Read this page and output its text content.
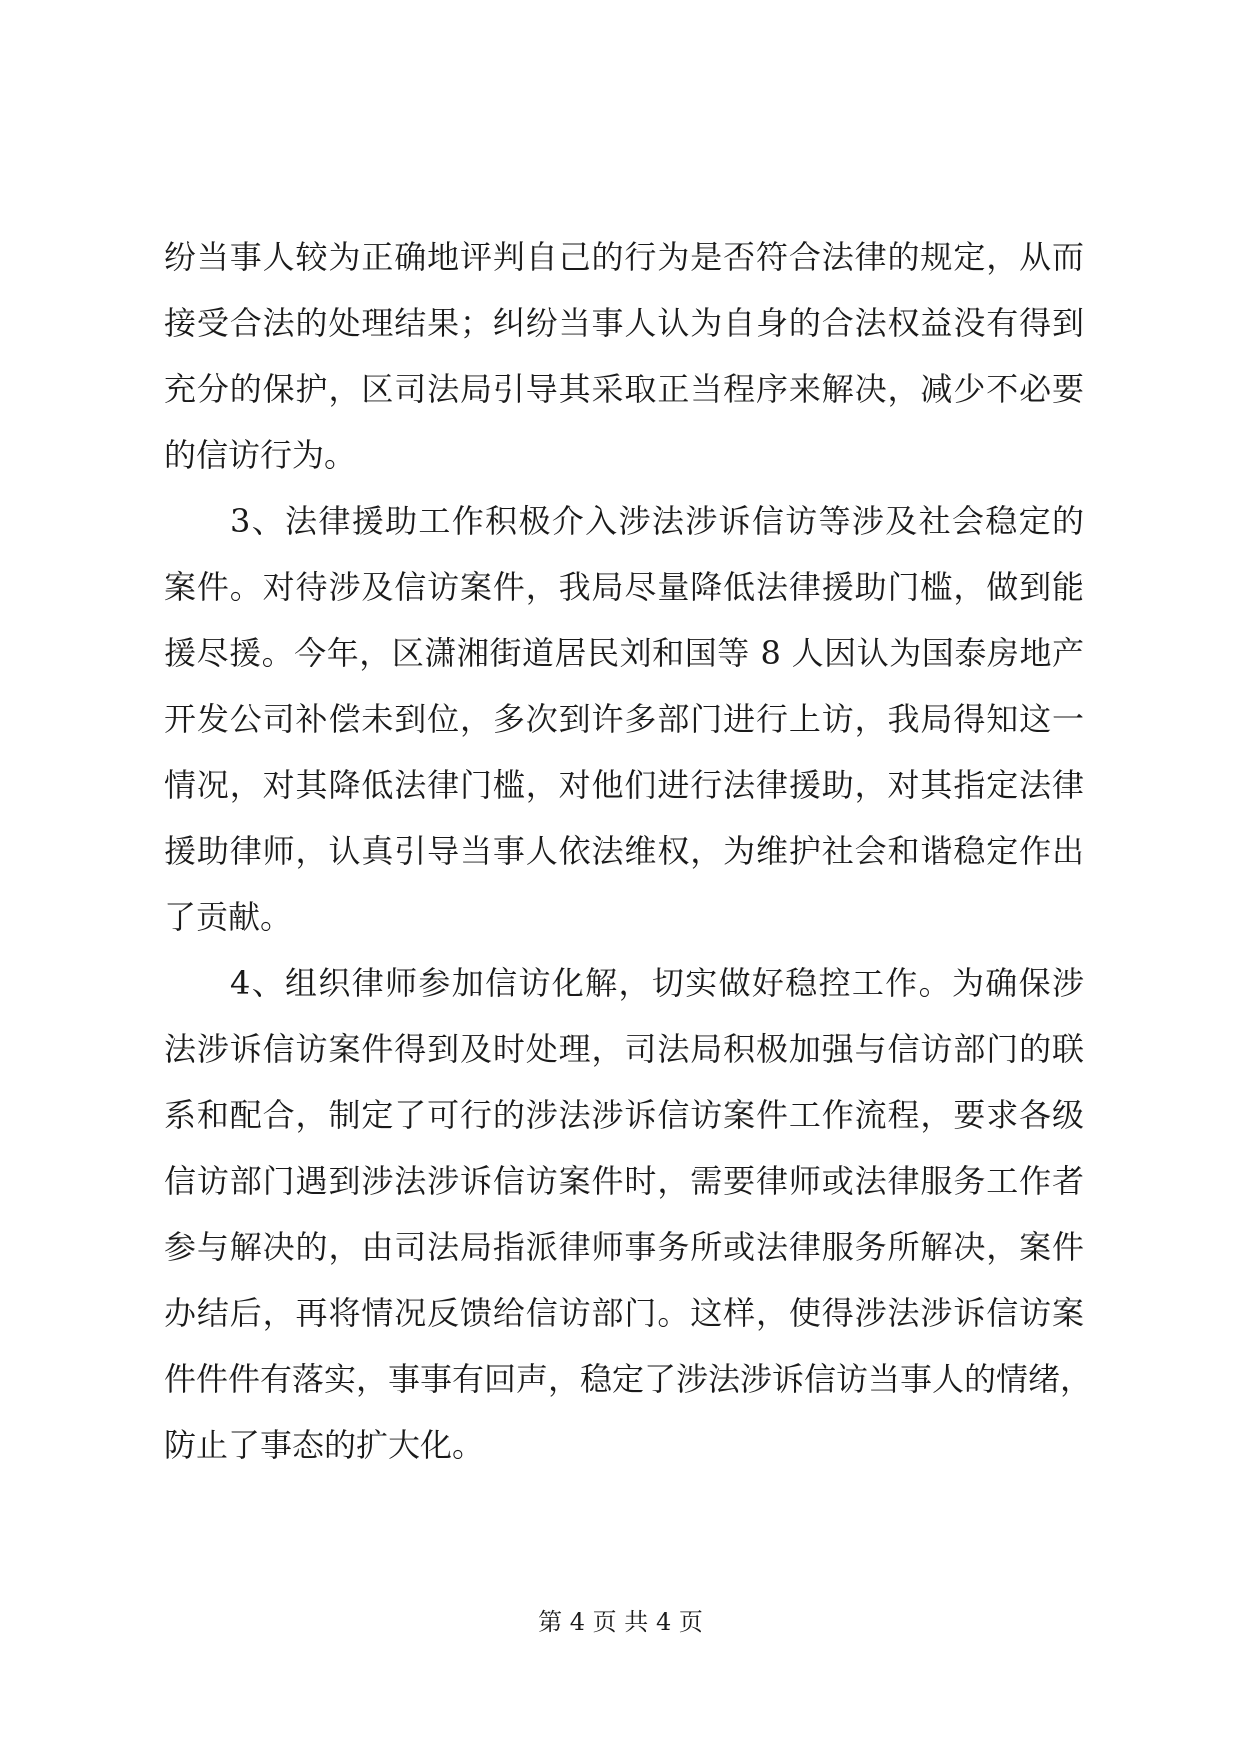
纷当事人较为正确地评判自己的行为是否符合法律的规定，从而
接受合法的处理结果；纠纷当事人认为自身的合法权益没有得到
充分的保护，区司法局引导其采取正当程序来解决，减少不必要
的信访行为。
3、法律援助工作积极介入涉法涉诉信访等涉及社会稳定的
案件。对待涉及信访案件，我局尽量降低法律援助门槛，做到能
援尽援。今年，区潇湘街道居民刘和国等 8 人因认为国泰房地产
开发公司补偿未到位，多次到许多部门进行上访，我局得知这一
情况，对其降低法律门槛，对他们进行法律援助，对其指定法律
援助律师，认真引导当事人依法维权，为维护社会和谐稳定作出
了贡献。
4、组织律师参加信访化解，切实做好稳控工作。为确保涉
法涉诉信访案件得到及时处理，司法局积极加强与信访部门的联
系和配合，制定了可行的涉法涉诉信访案件工作流程，要求各级
信访部门遇到涉法涉诉信访案件时，需要律师或法律服务工作者
参与解决的，由司法局指派律师事务所或法律服务所解决，案件
办结后，再将情况反馈给信访部门。这样，使得涉法涉诉信访案
件件件有落实，事事有回声，稳定了涉法涉诉信访当事人的情绪，
防止了事态的扩大化。
第 4 页 共 4 页
